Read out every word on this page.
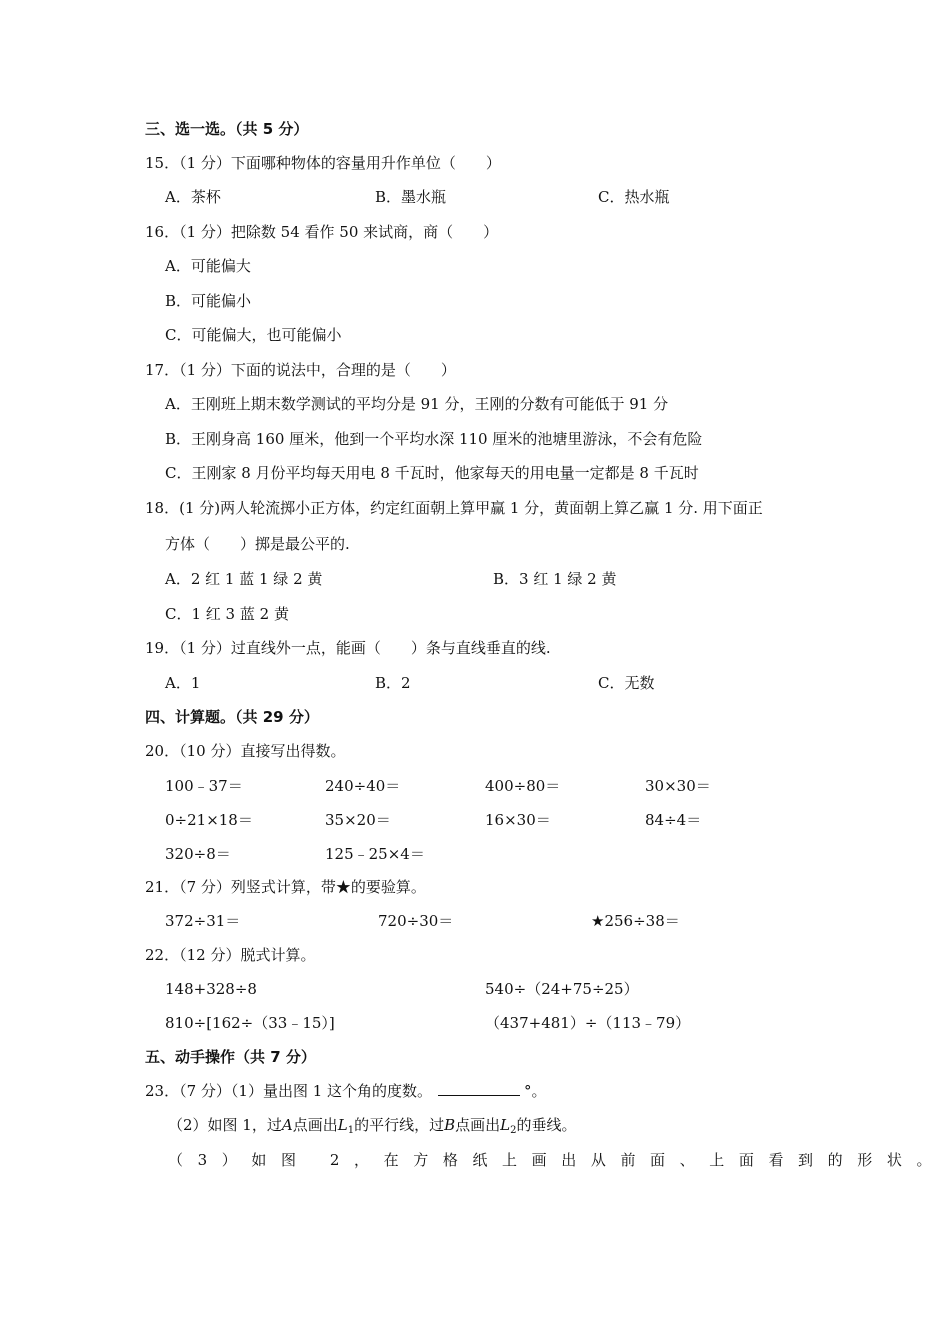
三、选一选。（共 5 分）
15．（1 分）下面哪种物体的容量用升作单位（　　）
A．茶杯	B．墨水瓶	C．热水瓶
16．（1 分）把除数 54 看作 50 来试商，商（　　）
A．可能偏大
B．可能偏小
C．可能偏大，也可能偏小
17．（1 分）下面的说法中，合理的是（　　）
A．王刚班上期末数学测试的平均分是 91 分，王刚的分数有可能低于 91 分
B．王刚身高 160 厘米，他到一个平均水深 110 厘米的池塘里游泳，不会有危险
C．王刚家 8 月份平均每天用电 8 千瓦时，他家每天的用电量一定都是 8 千瓦时
18．(1 分)两人轮流掷小正方体，约定红面朝上算甲赢 1 分，黄面朝上算乙赢 1 分. 用下面正
方体（　　）掷是最公平的.
A．2 红 1 蓝 1 绿 2 黄	B．3 红 1 绿 2 黄
C．1 红 3 蓝 2 黄
19．（1 分）过直线外一点，能画（　　）条与直线垂直的线.
A．1	B．2	C．无数
四、计算题。（共 29 分）
20．（10 分）直接写出得数。
100﹣37＝	240÷40＝	400÷80＝	30×30＝
0÷21×18＝	35×20＝	16×30＝	84÷4＝
320÷8＝	125﹣25×4＝
21．（7 分）列竖式计算，带★的要验算。
372÷31＝	720÷30＝	★256÷38＝
22．（12 分）脱式计算。
148+328÷8	540÷（24+75÷25）
810÷[162÷（33﹣15）]	（437+481）÷（113﹣79）
五、动手操作（共 7 分）
23．（7 分）（1）量出图 1 这个角的度数。	°。
（2）如图 1，过A点画出$L_1$的平行线，过B点画出$L_2$的垂线。
（3）如图 2，在方格纸上画出从前面、上面看到的形状。
